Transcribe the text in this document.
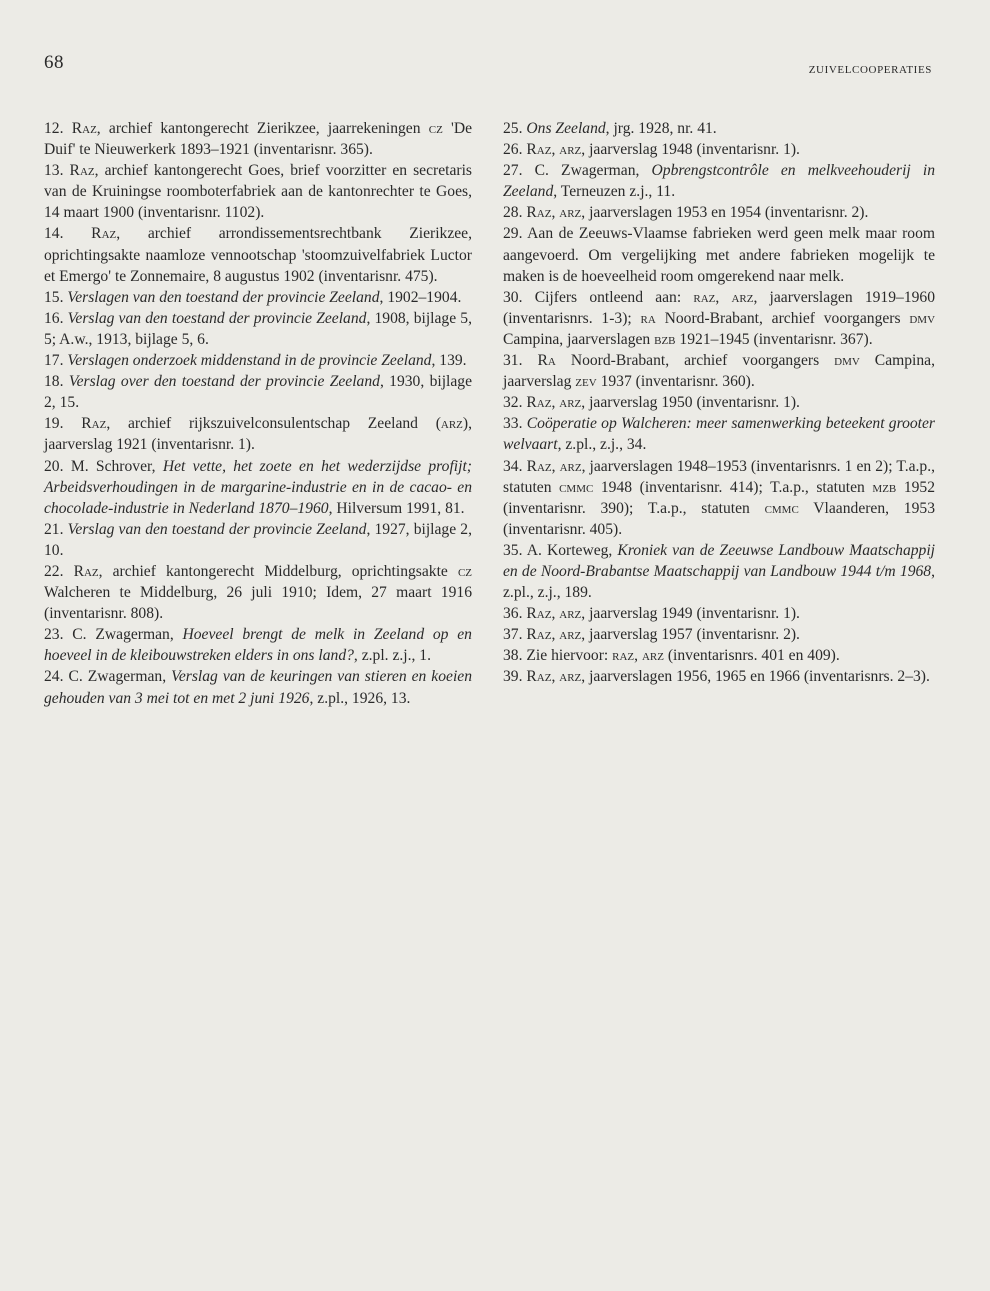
68	ZUIVELCOOPERATIES

12. Raz, archief kantongerecht Zierikzee, jaarrekeningen cz 'De Duif' te Nieuwerkerk 1893–1921 (inventarisnr. 365).

13. Raz, archief kantongerecht Goes, brief voorzitter en secretaris van de Kruiningse roomboterfabriek aan de kantonrechter te Goes, 14 maart 1900 (inventarisnr. 1102).

14. Raz, archief arrondissementsrechtbank Zierikzee, oprichtingsakte naamloze vennootschap 'stoomzuivelfabriek Luctor et Emergo' te Zonnemaire, 8 augustus 1902 (inventarisnr. 475).

15. Verslagen van den toestand der provincie Zeeland, 1902–1904.

16. Verslag van den toestand der provincie Zeeland, 1908, bijlage 5, 5; A.w., 1913, bijlage 5, 6.

17. Verslagen onderzoek middenstand in de provincie Zeeland, 139.

18. Verslag over den toestand der provincie Zeeland, 1930, bijlage 2, 15.

19. Raz, archief rijkszuivelconsulentschap Zeeland (arz), jaarverslag 1921 (inventarisnr. 1).

20. M. Schrover, Het vette, het zoete en het wederzijdse profijt; Arbeidsverhoudingen in de margarine-industrie en in de cacao- en chocolade-industrie in Nederland 1870–1960, Hilversum 1991, 81.

21. Verslag van den toestand der provincie Zeeland, 1927, bijlage 2, 10.

22. Raz, archief kantongerecht Middelburg, oprichtingsakte cz Walcheren te Middelburg, 26 juli 1910; Idem, 27 maart 1916 (inventarisnr. 808).

23. C. Zwagerman, Hoeveel brengt de melk in Zeeland op en hoeveel in de kleibouwstreken elders in ons land?, z.pl. z.j., 1.

24. C. Zwagerman, Verslag van de keuringen van stieren en koeien gehouden van 3 mei tot en met 2 juni 1926, z.pl., 1926, 13.

25. Ons Zeeland, jrg. 1928, nr. 41.

26. Raz, arz, jaarverslag 1948 (inventarisnr. 1).

27. C. Zwagerman, Opbrengstcontrôle en melkveehouderij in Zeeland, Terneuzen z.j., 11.

28. Raz, arz, jaarverslagen 1953 en 1954 (inventarisnr. 2).

29. Aan de Zeeuws-Vlaamse fabrieken werd geen melk maar room aangevoerd. Om vergelijking met andere fabrieken mogelijk te maken is de hoeveelheid room omgerekend naar melk.

30. Cijfers ontleend aan: raz, arz, jaarverslagen 1919–1960 (inventarisnrs. 1-3); ra Noord-Brabant, archief voorgangers dmv Campina, jaarverslagen bzb 1921–1945 (inventarisnr. 367).

31. Ra Noord-Brabant, archief voorgangers dmv Campina, jaarverslag zev 1937 (inventarisnr. 360).

32. Raz, arz, jaarverslag 1950 (inventarisnr. 1).

33. Coöperatie op Walcheren: meer samenwerking beteekent grooter welvaart, z.pl., z.j., 34.

34. Raz, arz, jaarverslagen 1948–1953 (inventarisnrs. 1 en 2); T.a.p., statuten cmmc 1948 (inventarisnr. 414); T.a.p., statuten mzb 1952 (inventarisnr. 390); T.a.p., statuten cmmc Vlaanderen, 1953 (inventarisnr. 405).

35. A. Korteweg, Kroniek van de Zeeuwse Landbouw Maatschappij en de Noord-Brabantse Maatschappij van Landbouw 1944 t/m 1968, z.pl., z.j., 189.

36. Raz, arz, jaarverslag 1949 (inventarisnr. 1).

37. Raz, arz, jaarverslag 1957 (inventarisnr. 2).

38. Zie hiervoor: raz, arz (inventarisnrs. 401 en 409).

39. Raz, arz, jaarverslagen 1956, 1965 en 1966 (inventarisnrs. 2–3).
